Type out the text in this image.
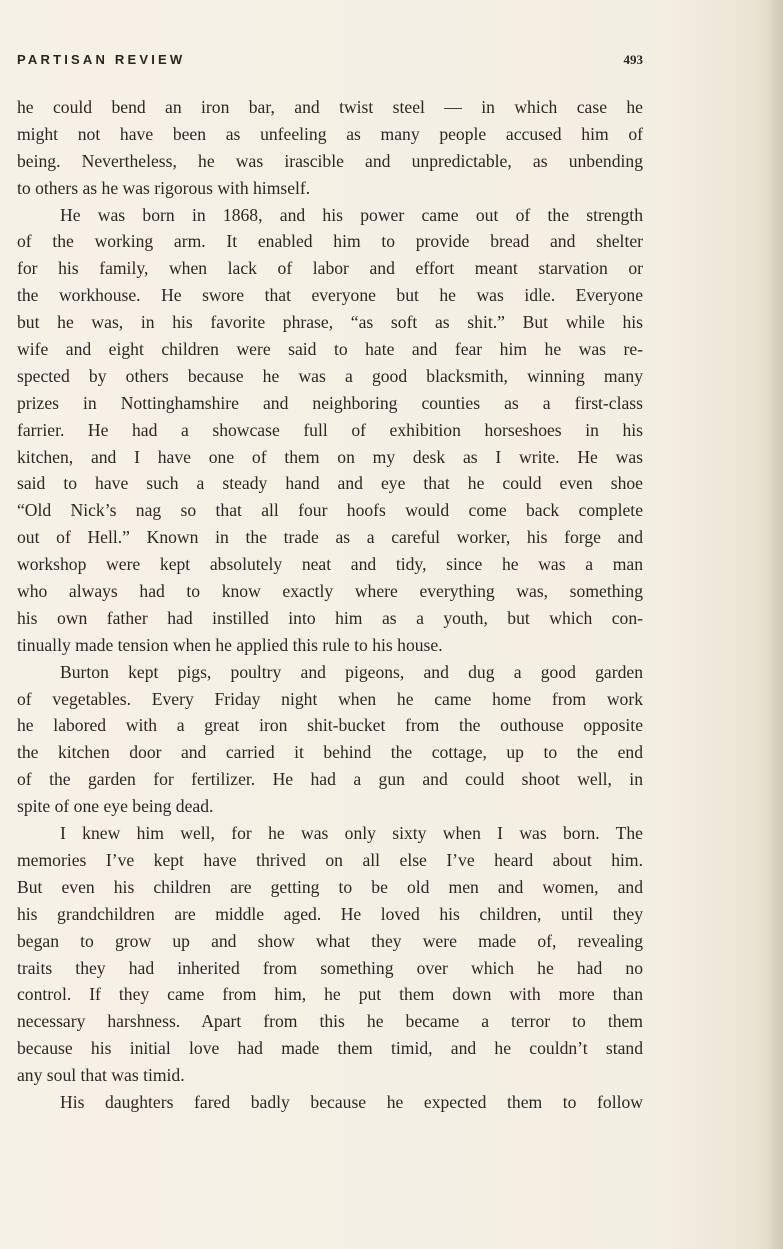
PARTISAN REVIEW	493
he could bend an iron bar, and twist steel — in which case he
might not have been as unfeeling as many people accused him of
being. Nevertheless, he was irascible and unpredictable, as unbending
to others as he was rigorous with himself.
He was born in 1868, and his power came out of the strength
of the working arm. It enabled him to provide bread and shelter
for his family, when lack of labor and effort meant starvation or
the workhouse. He swore that everyone but he was idle. Everyone
but he was, in his favorite phrase, “as soft as shit.” But while his
wife and eight children were said to hate and fear him he was re-
spected by others because he was a good blacksmith, winning many
prizes in Nottinghamshire and neighboring counties as a first-class
farrier. He had a showcase full of exhibition horseshoes in his
kitchen, and I have one of them on my desk as I write. He was
said to have such a steady hand and eye that he could even shoe
“Old Nick’s nag so that all four hoofs would come back complete
out of Hell.” Known in the trade as a careful worker, his forge and
workshop were kept absolutely neat and tidy, since he was a man
who always had to know exactly where everything was, something
his own father had instilled into him as a youth, but which con-
tinually made tension when he applied this rule to his house.
Burton kept pigs, poultry and pigeons, and dug a good garden
of vegetables. Every Friday night when he came home from work
he labored with a great iron shit-bucket from the outhouse opposite
the kitchen door and carried it behind the cottage, up to the end
of the garden for fertilizer. He had a gun and could shoot well, in
spite of one eye being dead.
I knew him well, for he was only sixty when I was born. The
memories I’ve kept have thrived on all else I’ve heard about him.
But even his children are getting to be old men and women, and
his grandchildren are middle aged. He loved his children, until they
began to grow up and show what they were made of, revealing
traits they had inherited from something over which he had no
control. If they came from him, he put them down with more than
necessary harshness. Apart from this he became a terror to them
because his initial love had made them timid, and he couldn’t stand
any soul that was timid.
His daughters fared badly because he expected them to follow
